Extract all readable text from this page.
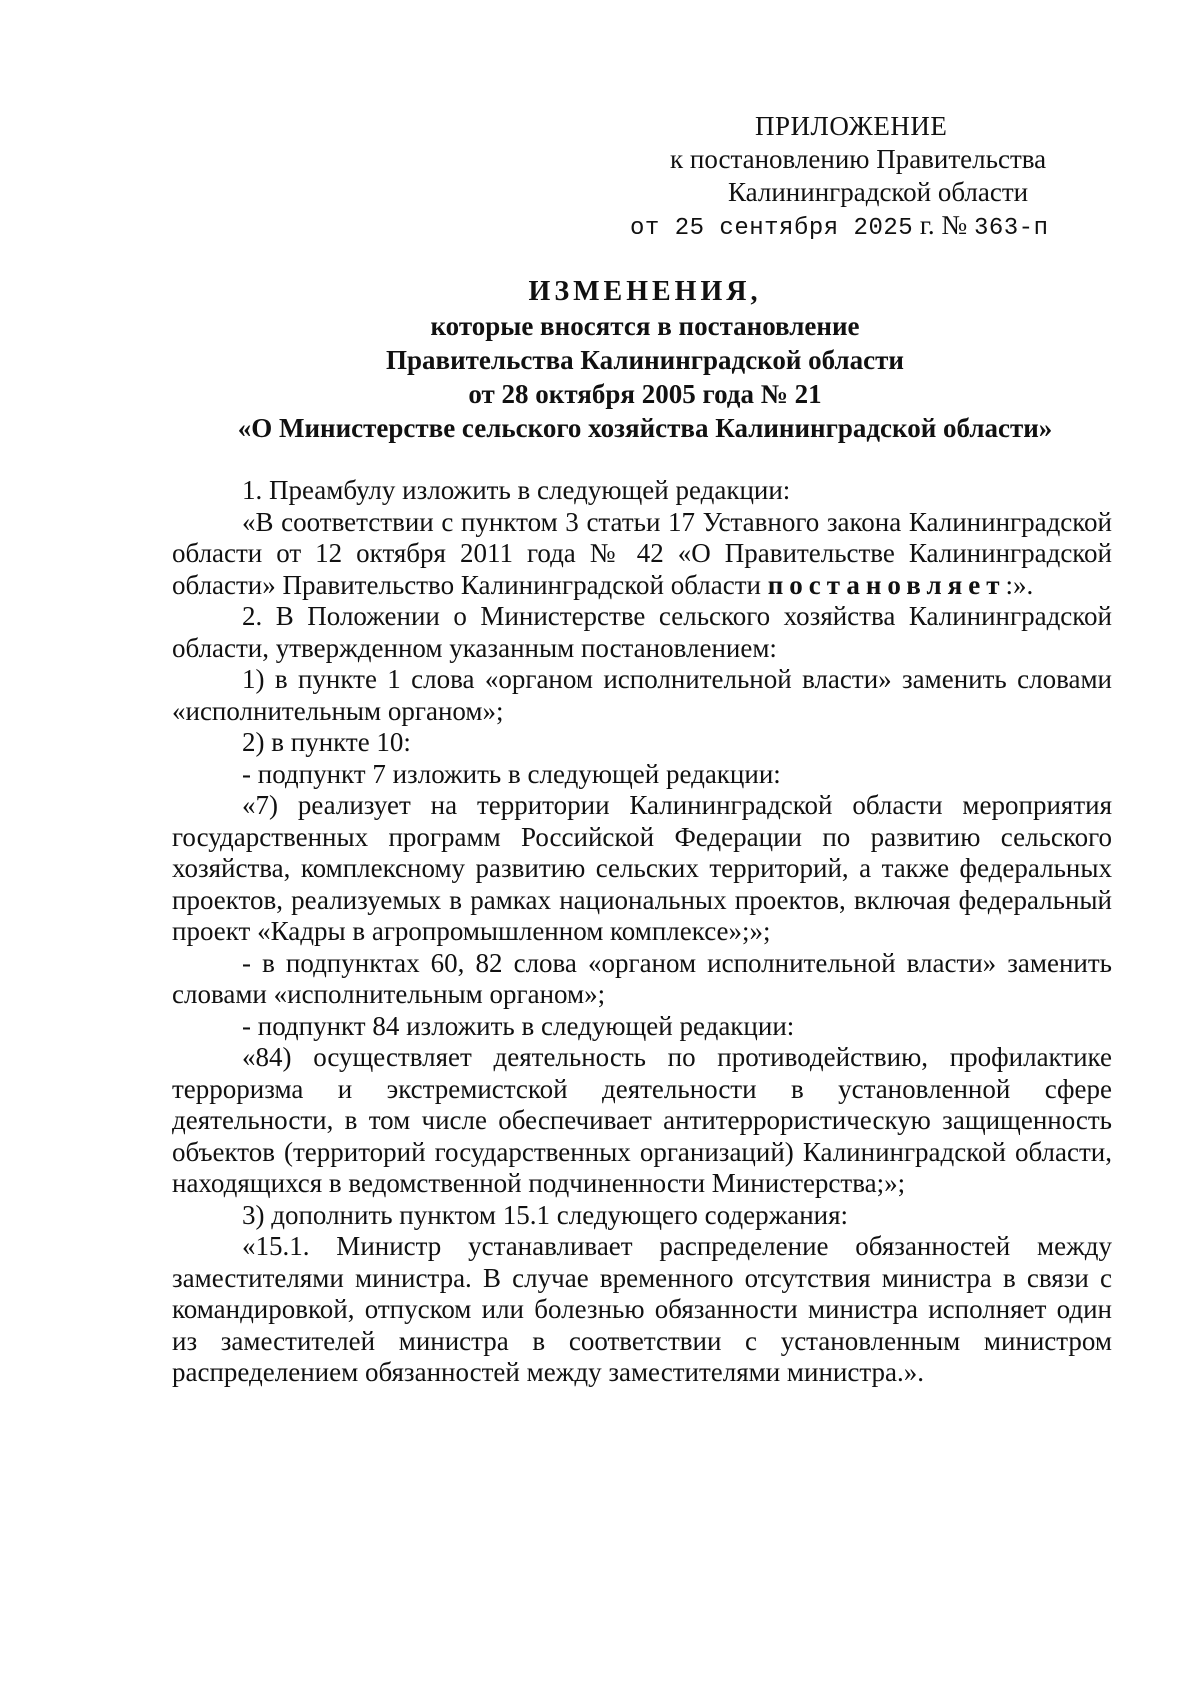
ПРИЛОЖЕНИЕ
к постановлению Правительства
Калининградской области
от 25 сентября 2025 г. № 363-п
ИЗМЕНЕНИЯ,
которые вносятся в постановление
Правительства Калининградской области
от 28 октября 2005 года № 21
«О Министерстве сельского хозяйства Калининградской области»

1. Преамбулу изложить в следующей редакции:

«В соответствии с пунктом 3 статьи 17 Уставного закона Калининградской области от 12 октября 2011 года № 42 «О Правительстве Калининградской области» Правительство Калининградской области постановляет:».

2. В Положении о Министерстве сельского хозяйства Калининградской области, утвержденном указанным постановлением:

1) в пункте 1 слова «органом исполнительной власти» заменить словами «исполнительным органом»;

2) в пункте 10:

- подпункт 7 изложить в следующей редакции:

«7) реализует на территории Калининградской области мероприятия государственных программ Российской Федерации по развитию сельского хозяйства, комплексному развитию сельских территорий, а также федеральных проектов, реализуемых в рамках национальных проектов, включая федеральный проект «Кадры в агропромышленном комплексе»;»;

- в подпунктах 60, 82 слова «органом исполнительной власти» заменить словами «исполнительным органом»;

- подпункт 84 изложить в следующей редакции:

«84) осуществляет деятельность по противодействию, профилактике терроризма и экстремистской деятельности в установленной сфере деятельности, в том числе обеспечивает антитеррористическую защищенность объектов (территорий государственных организаций) Калининградской области, находящихся в ведомственной подчиненности Министерства;»;

3) дополнить пунктом 15.1 следующего содержания:

«15.1. Министр устанавливает распределение обязанностей между заместителями министра. В случае временного отсутствия министра в связи с командировкой, отпуском или болезнью обязанности министра исполняет один из заместителей министра в соответствии с установленным министром распределением обязанностей между заместителями министра.».
